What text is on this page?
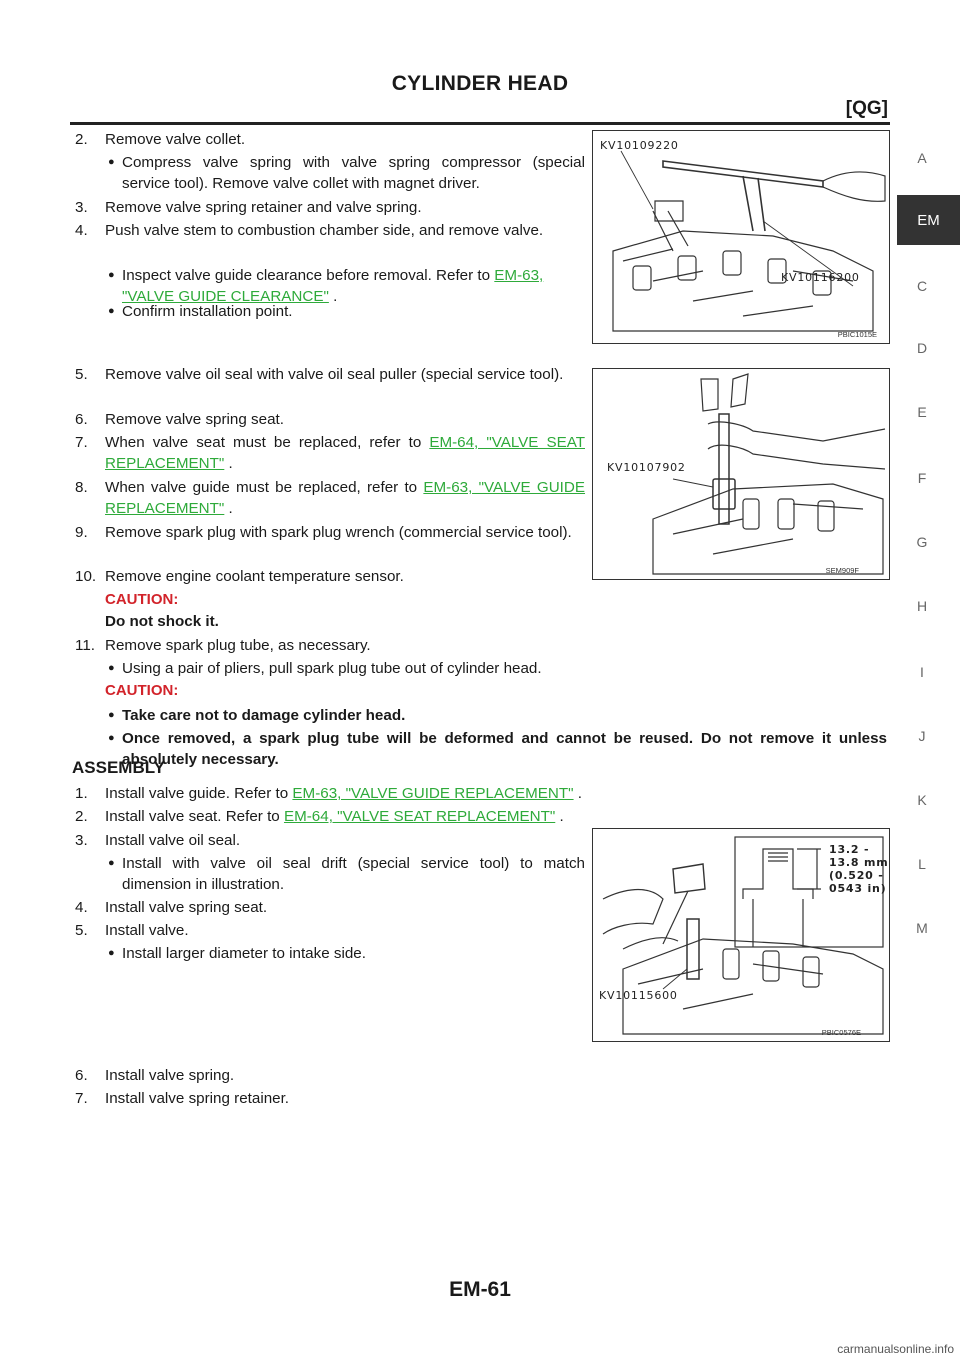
CYLINDER HEAD
[QG]
2. Remove valve collet.
● Compress valve spring with valve spring compressor (special service tool). Remove valve collet with magnet driver.
3. Remove valve spring retainer and valve spring.
4. Push valve stem to combustion chamber side, and remove valve.
● Inspect valve guide clearance before removal. Refer to EM-63, "VALVE GUIDE CLEARANCE" .
● Confirm installation point.
KV10109220
KV10116200
PBIC1015E
5. Remove valve oil seal with valve oil seal puller (special service tool).
6. Remove valve spring seat.
7. When valve seat must be replaced, refer to EM-64, "VALVE SEAT REPLACEMENT" .
8. When valve guide must be replaced, refer to EM-63, "VALVE GUIDE REPLACEMENT" .
9. Remove spark plug with spark plug wrench (commercial service tool).
10. Remove engine coolant temperature sensor.
CAUTION:
Do not shock it.
11. Remove spark plug tube, as necessary.
● Using a pair of pliers, pull spark plug tube out of cylinder head.
CAUTION:
● Take care not to damage cylinder head.
● Once removed, a spark plug tube will be deformed and cannot be reused. Do not remove it unless absolutely necessary.
KV10107902
SEM909F
ASSEMBLY
1. Install valve guide. Refer to EM-63, "VALVE GUIDE REPLACEMENT" .
2. Install valve seat. Refer to EM-64, "VALVE SEAT REPLACEMENT" .
3. Install valve oil seal.
● Install with valve oil seal drift (special service tool) to match dimension in illustration.
4. Install valve spring seat.
5. Install valve.
● Install larger diameter to intake side.
13.2 -
13.8 mm
(0.520 -
0543 in)
KV10115600
PBIC0576E
6. Install valve spring.
7. Install valve spring retainer.
A
EM
C
D
E
F
G
H
I
J
K
L
M
EM-61
carmanualsonline.info
